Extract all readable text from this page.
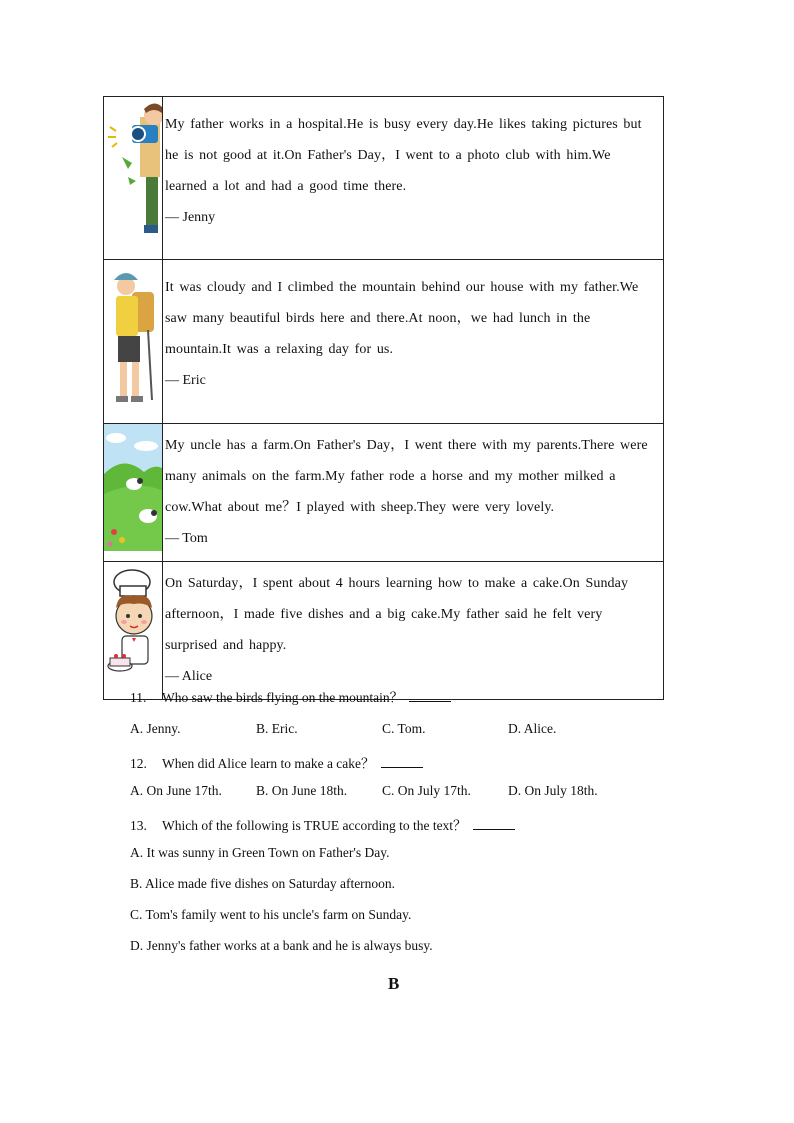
My father works in a hospital.He is busy every day.He likes taking pictures but he is not good at it.On Father's Day，I went to a photo club with him.We learned a lot and had a good time there.

— Jenny

It was cloudy and I climbed the mountain behind our house with my father.We saw many beautiful birds here and there.At noon，we had lunch in the mountain.It was a relaxing day for us.

— Eric

My uncle has a farm.On Father's Day，I went there with my parents.There were many animals on the farm.My father rode a horse and my mother milked a cow.What about me？I played with sheep.They were very lovely.

— Tom

On Saturday，I spent about 4 hours learning how to make a cake.On Sunday afternoon，I made five dishes and a big cake.My father said he felt very surprised and happy.

— Alice

11. Who saw the birds flying on the mountain？
A. Jenny.	B. Eric.	C. Tom.	D. Alice.
12. When did Alice learn to make a cake？
A. On June 17th.	B. On June 18th.	C. On July 17th.	D. On July 18th.
13. Which of the following is TRUE according to the text？
A. It was sunny in Green Town on Father's Day.
B. Alice made five dishes on Saturday afternoon.
C. Tom's family went to his uncle's farm on Sunday.
D. Jenny's father works at a bank and he is always busy.
B
